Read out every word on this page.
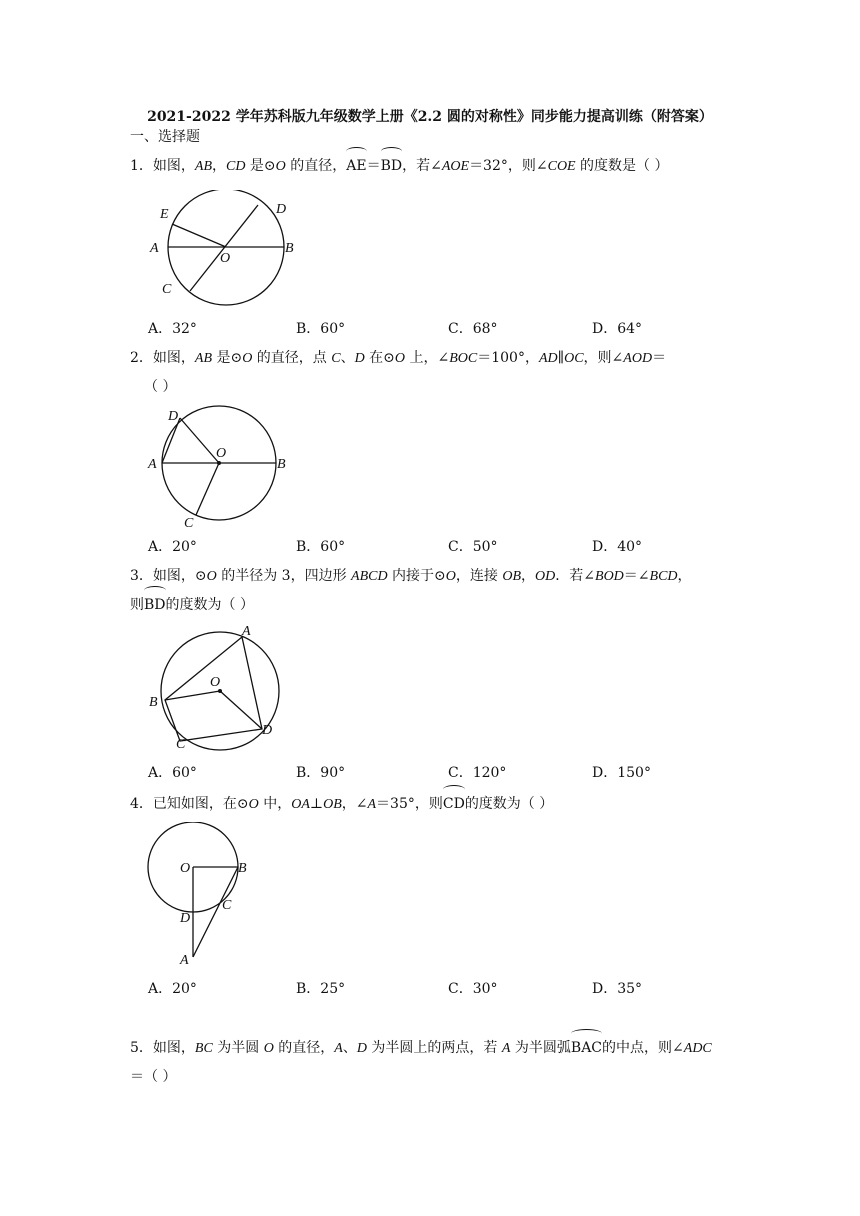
2021-2022 学年苏科版九年级数学上册《2.2 圆的对称性》同步能力提高训练（附答案）
一、选择题
1．如图，AB，CD 是⊙O 的直径，AE＝BD，若∠AOE＝32°，则∠COE 的度数是（ ）
E	D
A
O
B
C
A．32°	B．60°	C．68°	D．64°
2．如图，AB 是⊙O 的直径，点 C、D 在⊙O 上，∠BOC＝100°，AD∥OC，则∠AOD＝
（ ）
D
A
O
B
C
A．20°	B．60°	C．50°	D．40°
3．如图，⊙O 的半径为 3，四边形 ABCD 内接于⊙O，连接 OB，OD．若∠BOD＝∠BCD，
则BD的度数为（ ）
A
O
B
C
D
A．60°	B．90°	C．120°	D．150°
4．已知如图，在⊙O 中，OA⊥OB，∠A＝35°，则CD的度数为（ ）
O	B
C
D
A
A．20°	B．25°	C．30°	D．35°
5．如图，BC 为半圆 O 的直径，A、D 为半圆上的两点，若 A 为半圆弧BAC的中点，则∠ADC
＝（ ）
